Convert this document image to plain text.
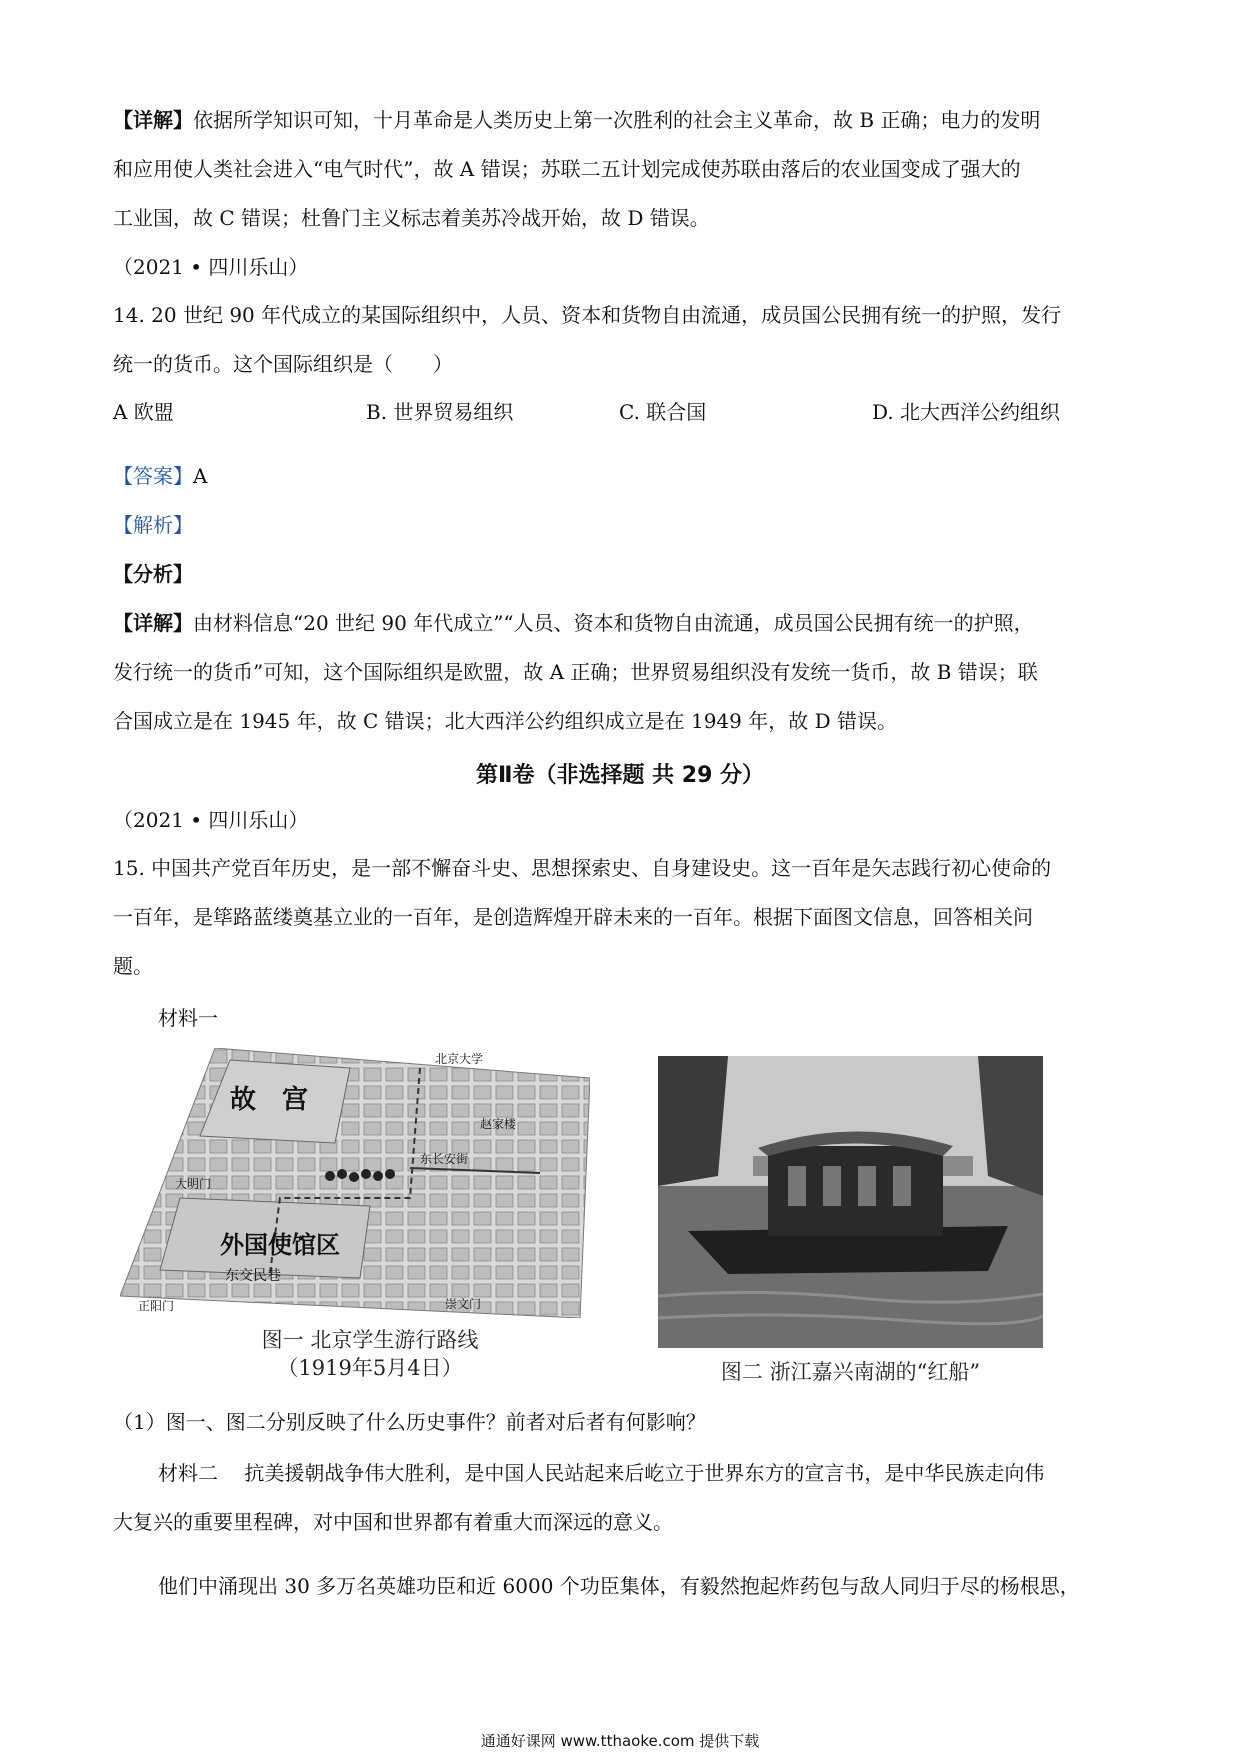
【详解】依据所学知识可知，十月革命是人类历史上第一次胜利的社会主义革命，故 B 正确；电力的发明
和应用使人类社会进入“电气时代”，故 A 错误；苏联二五计划完成使苏联由落后的农业国变成了强大的
工业国，故 C 错误；杜鲁门主义标志着美苏冷战开始，故 D 错误。
（2021 • 四川乐山）
14. 20 世纪 90 年代成立的某国际组织中，人员、资本和货物自由流通，成员国公民拥有统一的护照，发行
统一的货币。这个国际组织是（　　）
A 欧盟	B. 世界贸易组织	C. 联合国	D. 北大西洋公约组织
【答案】A
【解析】
【分析】
【详解】由材料信息“20 世纪 90 年代成立”“人员、资本和货物自由流通，成员国公民拥有统一的护照，
发行统一的货币”可知，这个国际组织是欧盟，故 A 正确；世界贸易组织没有发统一货币，故 B 错误；联
合国成立是在 1945 年，故 C 错误；北大西洋公约组织成立是在 1949 年，故 D 错误。
第Ⅱ卷（非选择题 共 29 分）
（2021 • 四川乐山）
15. 中国共产党百年历史，是一部不懈奋斗史、思想探索史、自身建设史。这一百年是矢志践行初心使命的
一百年，是筚路蓝缕奠基立业的一百年，是创造辉煌开辟未来的一百年。根据下面图文信息，回答相关问
题。
材料一
故　宫
外国使馆区
东交民巷
东长安街
大明门
正阳门	崇文门
北京大学
赵家楼
图一 北京学生游行路线
（1919年5月4日）	图二 浙江嘉兴南湖的“红船”
（1）图一、图二分别反映了什么历史事件？前者对后者有何影响？
材料二　 抗美援朝战争伟大胜利，是中国人民站起来后屹立于世界东方的宣言书，是中华民族走向伟
大复兴的重要里程碑，对中国和世界都有着重大而深远的意义。
他们中涌现出 30 多万名英雄功臣和近 6000 个功臣集体，有毅然抱起炸药包与敌人同归于尽的杨根思，
通通好课网 www.tthaoke.com 提供下载
